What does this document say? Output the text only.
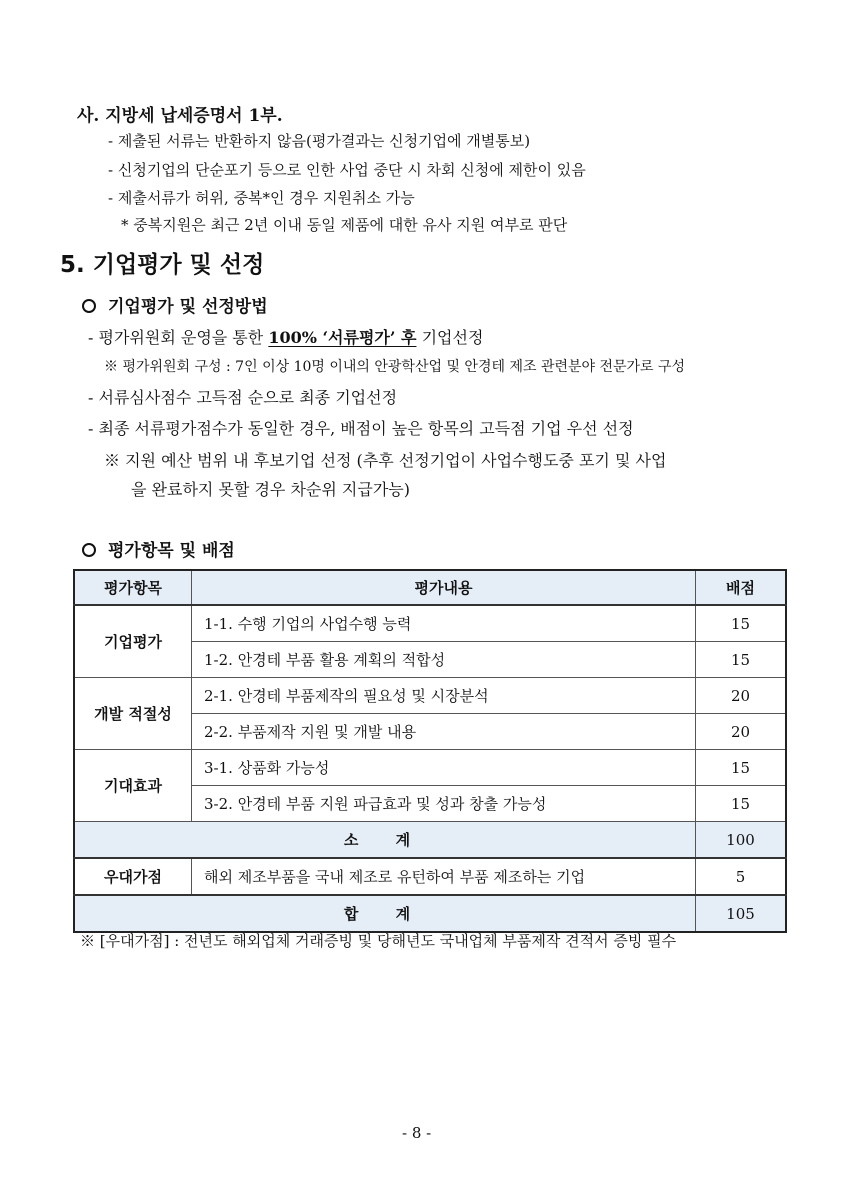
사. 지방세 납세증명서 1부.
- 제출된 서류는 반환하지 않음(평가결과는 신청기업에 개별통보)
- 신청기업의 단순포기 등으로 인한 사업 중단 시 차회 신청에 제한이 있음
- 제출서류가 허위, 중복*인 경우 지원취소 가능
* 중복지원은 최근 2년 이내 동일 제품에 대한 유사 지원 여부로 판단
5. 기업평가 및 선정
기업평가 및 선정방법
- 평가위원회 운영을 통한 100% ‘서류평가’ 후 기업선정
※ 평가위원회 구성 : 7인 이상 10명 이내의 안광학산업 및 안경테 제조 관련분야 전문가로 구성
- 서류심사점수 고득점 순으로 최종 기업선정
- 최종 서류평가점수가 동일한 경우, 배점이 높은 항목의 고득점 기업 우선 선정
※ 지원 예산 범위 내 후보기업 선정 (추후 선정기업이 사업수행도중 포기 및 사업
을 완료하지 못할 경우 차순위 지급가능)
평가항목 및 배점
평가항목	평가내용	배점
기업평가	1-1. 수행 기업의 사업수행 능력	15
	1-2. 안경테 부품 활용 계획의 적합성	15
개발 적절성	2-1. 안경테 부품제작의 필요성 및 시장분석	20
	2-2. 부품제작 지원 및 개발 내용	20
기대효과	3-1. 상품화 가능성	15
	3-2. 안경테 부품 지원 파급효과 및 성과 창출 가능성	15
소 계		100
우대가점	해외 제조부품을 국내 제조로 유턴하여 부품 제조하는 기업	5
합 계		105
※ [우대가점] : 전년도 해외업체 거래증빙 및 당해년도 국내업체 부품제작 견적서 증빙 필수
- 8 -
